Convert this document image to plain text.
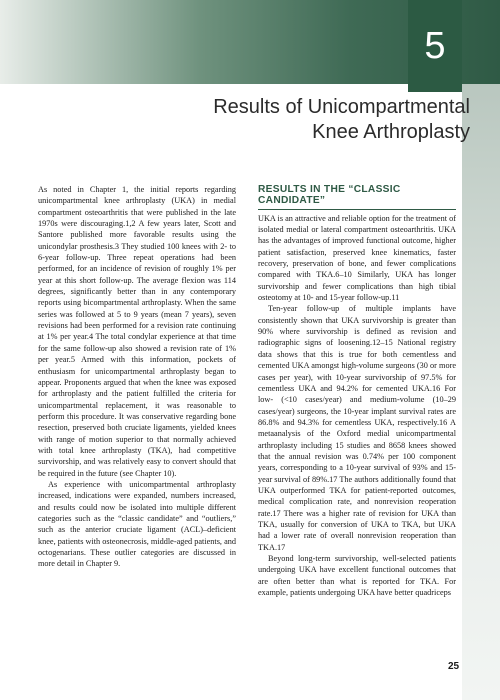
5
Results of Unicompartmental
Knee Arthroplasty

As noted in Chapter 1, the initial reports regarding unicompartmental knee arthroplasty (UKA) in medial compartment osteoarthritis that were published in the late 1970s were discouraging.1,2 A few years later, Scott and Santore published more favorable results using the unicondylar prosthesis.3 They studied 100 knees with 2- to 6-year follow-up. Three repeat operations had been performed, for an incidence of revision of roughly 1% per year at this short follow-up. The average flexion was 114 degrees, significantly better than in any contemporary reports using bicompartmental arthroplasty. When the same series was followed at 5 to 9 years (mean 7 years), seven revisions had been performed for a revision rate continuing at 1% per year.4 The total condylar experience at that time for the same follow-up also showed a revision rate of 1% per year.5 Armed with this information, pockets of enthusiasm for unicompartmental arthroplasty began to appear. Proponents argued that when the knee was exposed for arthroplasty and the patient fulfilled the criteria for unicompartmental replacement, it was reasonable to perform this procedure. It was conservative regarding bone resection, preserved both cruciate ligaments, yielded knees with range of motion superior to that normally achieved with total knee arthroplasty (TKA), had competitive survivorship, and was relatively easy to convert should that be required in the future (see Chapter 10).

As experience with unicompartmental arthroplasty increased, indications were expanded, numbers increased, and results could now be isolated into multiple different categories such as the “classic candidate” and “outliers,” such as the anterior cruciate ligament (ACL)–deficient knee, patients with osteonecrosis, middle-aged patients, and octogenarians. These outlier categories are discussed in more detail in Chapter 9.

RESULTS IN THE “CLASSIC CANDIDATE”

UKA is an attractive and reliable option for the treatment of isolated medial or lateral compartment osteoarthritis. UKA has the advantages of improved functional outcome, higher patient satisfaction, preserved knee kinematics, faster recovery, preservation of bone, and fewer complications compared with TKA.6–10 Similarly, UKA has longer survivorship and fewer complications than high tibial osteotomy at 10- and 15-year follow-up.11

Ten-year follow-up of multiple implants have consistently shown that UKA survivorship is greater than 90% where survivorship is defined as revision and radiographic signs of loosening.12–15 National registry data shows that this is true for both cementless and cemented UKA amongst high-volume surgeons (30 or more cases per year), with 10-year survivorship of 97.5% for cementless UKA and 94.2% for cemented UKA.16 For low- (<10 cases/year) and medium-volume (10–29 cases/year) surgeons, the 10-year implant survival rates are 86.8% and 94.3% for cementless UKA, respectively.16 A metaanalysis of the Oxford medial unicompartmental arthroplasty including 15 studies and 8658 knees showed that the annual revision was 0.74% per 100 component years, corresponding to a 10-year survival of 93% and 15-year survival of 89%.17 The authors additionally found that UKA outperformed TKA for patient-reported outcomes, medical complication rate, and nonrevision reoperation rate.17 There was a higher rate of revision for UKA than TKA, usually for conversion of UKA to TKA, but UKA had a lower rate of overall nonrevision reoperation than TKA.17

Beyond long-term survivorship, well-selected patients undergoing UKA have excellent functional outcomes that are often better than what is reported for TKA. For example, patients undergoing UKA have better quadriceps

25
